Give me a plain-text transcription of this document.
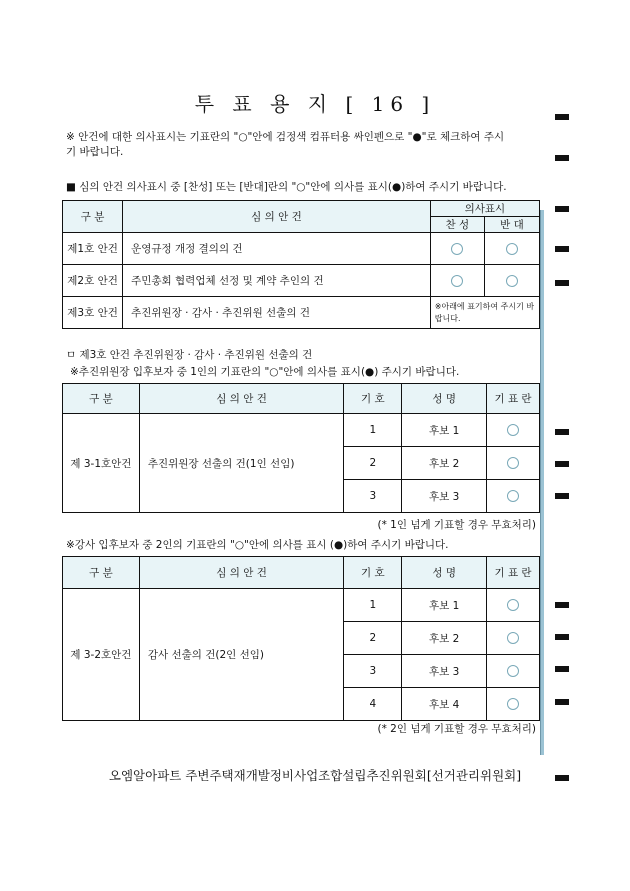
투 표 용 지 [ 16 ]
※ 안건에 대한 의사표시는 기표란의 "○"안에 검정색 컴퓨터용 싸인펜으로 "●"로 체크하여 주시
기 바랍니다.
■ 심의 안건 의사표시 중 [찬성] 또는 [반대]란의 "○"안에 의사를 표시(●)하여 주시기 바랍니다.
구 분	심 의 안 건	의사표시	
		찬 성	반 대
제1호 안건	운영규정 개정 결의의 건		
제2호 안건	주민총회 협력업체 선정 및 계약 추인의 건		
제3호 안건	추진위원장 · 감사 · 추진위원 선출의 건	※아래에 표기하여 주시기 바랍니다.	
ㅁ 제3호 안건 추진위원장 · 감사 · 추진위원 선출의 건
※추진위원장 입후보자 중 1인의 기표란의 "○"안에 의사를 표시(●) 주시기 바랍니다.
구 분	심 의 안 건	기 호	성 명	기 표 란
제 3-1호안건	추진위원장 선출의 건(1인 선임)	1	후보 1	
		2	후보 2	
		3	후보 3	
(* 1인 넘게 기표할 경우 무효처리)
※강사 입후보자 중 2인의 기표란의 "○"안에 의사를 표시 (●)하여 주시기 바랍니다.
구 분	심 의 안 건	기 호	성 명	기 표 란
제 3-2호안건	감사 선출의 건(2인 선임)	1	후보 1	
		2	후보 2	
		3	후보 3	
		4	후보 4	
(* 2인 넘게 기표할 경우 무효처리)
오엠알아파트 주변주택재개발정비사업조합설립추진위원회[선거관리위원회]
